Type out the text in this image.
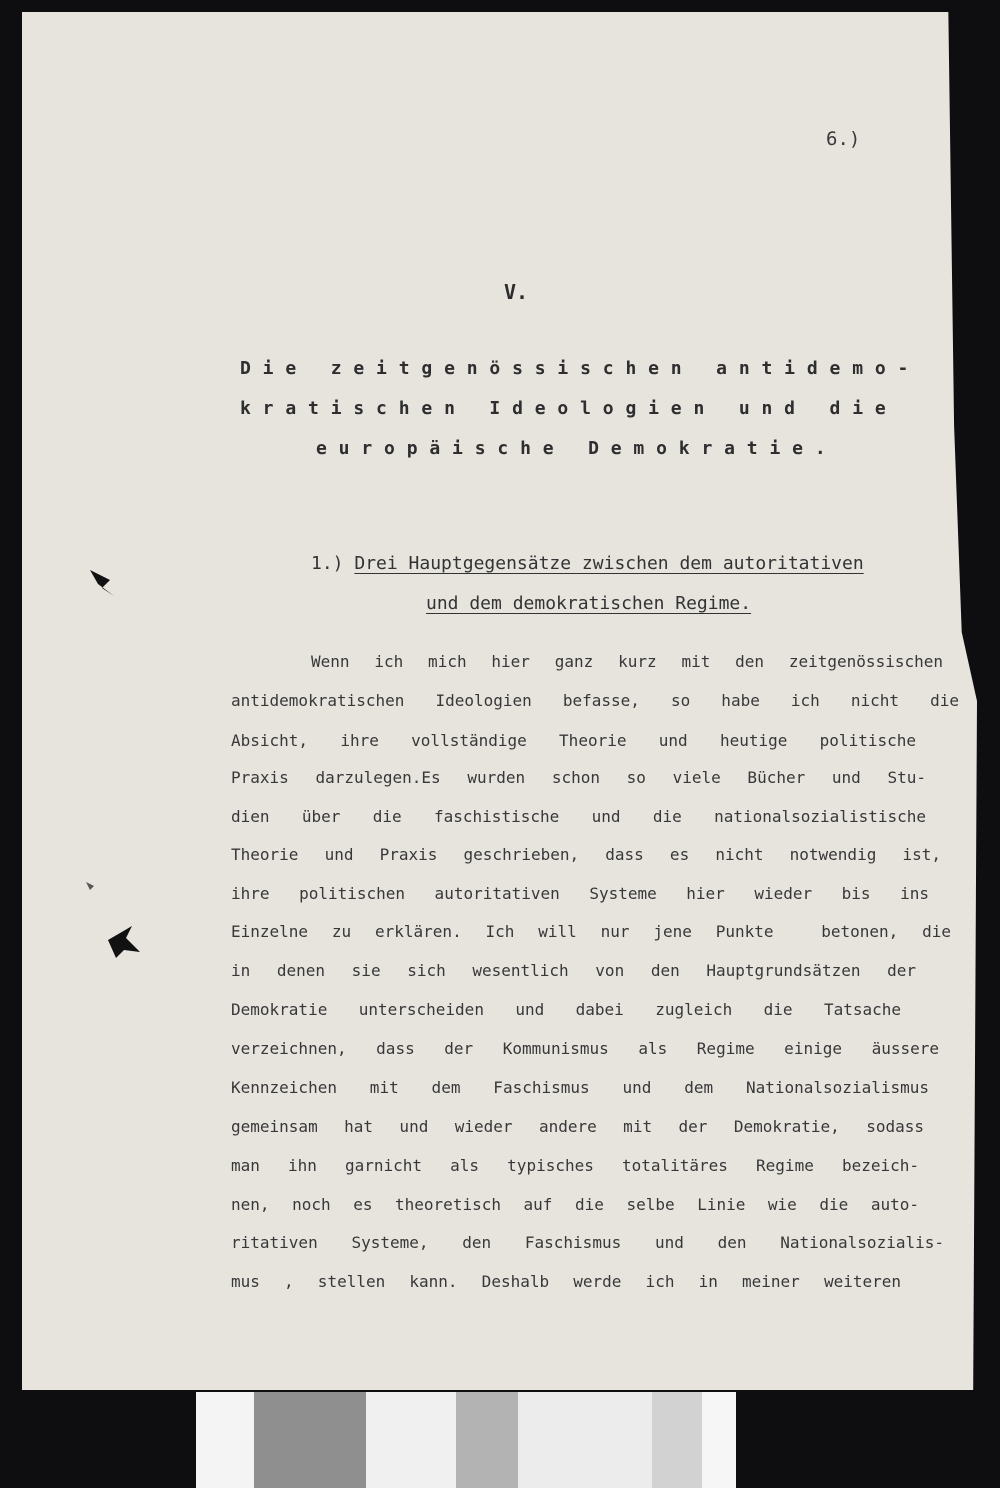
6.)
V.
D i e   z e i t g e n ö s s i s c h e n   a n t i d e m o -
k r a t i s c h e n   I d e o l o g i e n   u n d   d i e
e u r o p ä i s c h e   D e m o k r a t i e .
1.) Drei Hauptgegensätze zwischen dem autoritativen
und dem demokratischen Regime.
Wenn ich mich hier ganz kurz mit den zeitgenössischen
antidemokratischen Ideologien befasse, so habe ich nicht die
Absicht, ihre vollständige Theorie und heutige politische
Praxis darzulegen.Es wurden schon so viele Bücher und Stu-
dien über die faschistische und die nationalsozialistische
Theorie und Praxis geschrieben, dass es nicht notwendig ist,
ihre politischen autoritativen Systeme hier wieder bis ins
Einzelne zu erklären. Ich will nur jene Punkte  betonen, die
in denen sie sich wesentlich von den Hauptgrundsätzen der
Demokratie unterscheiden und dabei zugleich die Tatsache
verzeichnen, dass der Kommunismus als Regime einige äussere
Kennzeichen mit dem Faschismus und dem Nationalsozialismus
gemeinsam hat und wieder andere mit der Demokratie, sodass
man ihn garnicht als typisches totalitäres Regime bezeich-
nen, noch es theoretisch auf die selbe Linie wie die auto-
ritativen Systeme, den Faschismus und den Nationalsozialis-
mus , stellen kann. Deshalb werde ich in meiner weiteren
